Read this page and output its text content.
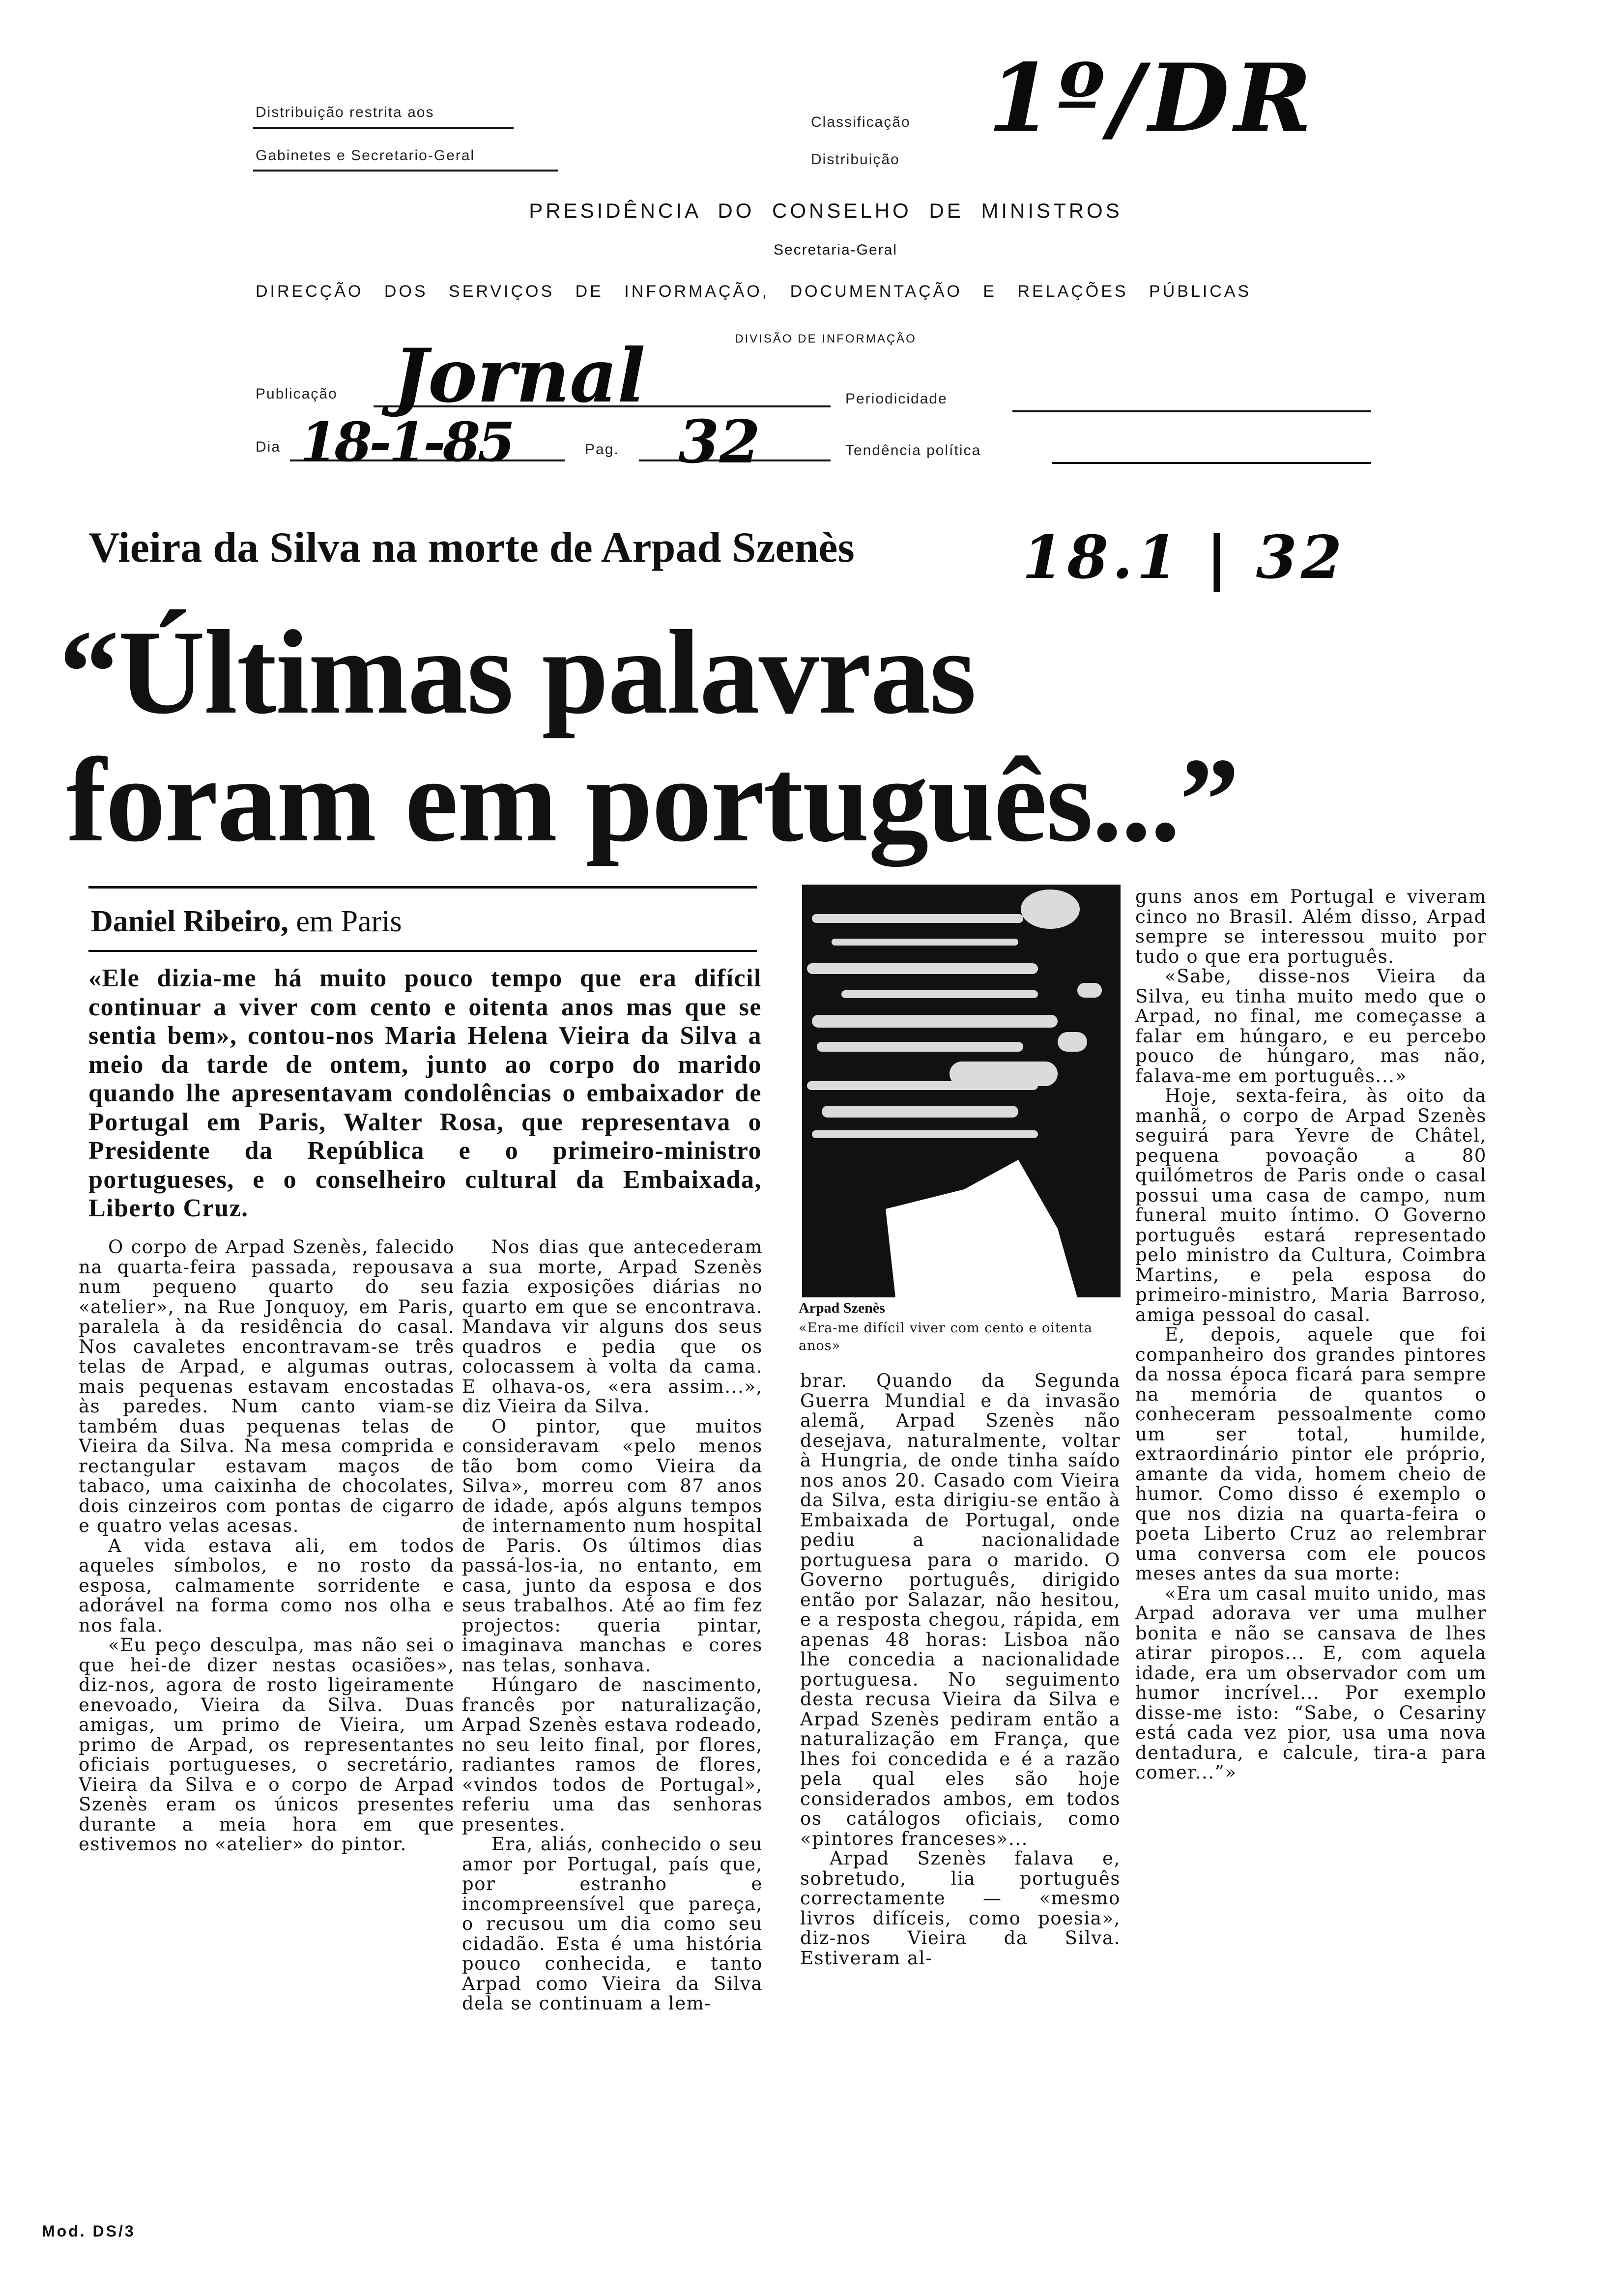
Distribuição restrita aos
Gabinetes e Secretario-Geral
Classificação
Distribuição
1º/DR
PRESIDÊNCIA DO CONSELHO DE MINISTROS
Secretaria-Geral
DIRECÇÃO DOS SERVIÇOS DE INFORMAÇÃO, DOCUMENTAÇÃO E RELAÇÕES PÚBLICAS
DIVISÃO DE INFORMAÇÃO
Publicação Jornal	Periodicidade
Dia 18-1-85	Pag. 32	Tendência política
Vieira da Silva na morte de Arpad Szenès	18.1 | 32
“Últimas palavras
foram em português...”
Daniel Ribeiro, em Paris

«Ele dizia-me há muito pouco tempo que era difícil continuar a viver com cento e oitenta anos mas que se sentia bem», contou-nos Maria Helena Vieira da Silva a meio da tarde de ontem, junto ao corpo do marido quando lhe apresentavam condolências o embaixador de Portugal em Paris, Walter Rosa, que representava o Presidente da República e o primeiro-ministro portugueses, e o conselheiro cultural da Embaixada, Liberto Cruz.

Arpad Szenès
«Era-me difícil viver com cento e oitenta anos»

O corpo de Arpad Szenès, falecido na quarta-feira passada, repousava num pequeno quarto do seu «atelier», na Rue Jonquoy, em Paris, paralela à da residência do casal. Nos cavaletes encontravam-se três telas de Arpad, e algumas outras, mais pequenas estavam encostadas às paredes. Num canto viam-se também duas pequenas telas de Vieira da Silva. Na mesa comprida e rectangular estavam maços de tabaco, uma caixinha de chocolates, dois cinzeiros com pontas de cigarro e quatro velas acesas.

A vida estava ali, em todos aqueles símbolos, e no rosto da esposa, calmamente sorridente e adorável na forma como nos olha e nos fala.

«Eu peço desculpa, mas não sei o que hei-de dizer nestas ocasiões», diz-nos, agora de rosto ligeiramente enevoado, Vieira da Silva. Duas amigas, um primo de Vieira, um primo de Arpad, os representantes oficiais portugueses, o secretário, Vieira da Silva e o corpo de Arpad Szenès eram os únicos presentes durante a meia hora em que estivemos no «atelier» do pintor.

Nos dias que antecederam a sua morte, Arpad Szenès fazia exposições diárias no quarto em que se encontrava. Mandava vir alguns dos seus quadros e pedia que os colocassem à volta da cama. E olhava-os, «era assim...», diz Vieira da Silva.

O pintor, que muitos consideravam «pelo menos tão bom como Vieira da Silva», morreu com 87 anos de idade, após alguns tempos de internamento num hospital de Paris. Os últimos dias passá-los-ia, no entanto, em casa, junto da esposa e dos seus trabalhos. Até ao fim fez projectos: queria pintar, imaginava manchas e cores nas telas, sonhava.

Húngaro de nascimento, francês por naturalização, Arpad Szenès estava rodeado, no seu leito final, por flores, radiantes ramos de flores, «vindos todos de Portugal», referiu uma das senhoras presentes.

Era, aliás, conhecido o seu amor por Portugal, país que, por estranho e incompreensível que pareça, o recusou um dia como seu cidadão. Esta é uma história pouco conhecida, e tanto Arpad como Vieira da Silva dela se continuam a lem-

brar. Quando da Segunda Guerra Mundial e da invasão alemã, Arpad Szenès não desejava, naturalmente, voltar à Hungria, de onde tinha saído nos anos 20. Casado com Vieira da Silva, esta dirigiu-se então à Embaixada de Portugal, onde pediu a nacionalidade portuguesa para o marido. O Governo português, dirigido então por Salazar, não hesitou, e a resposta chegou, rápida, em apenas 48 horas: Lisboa não lhe concedia a nacionalidade portuguesa. No seguimento desta recusa Vieira da Silva e Arpad Szenès pediram então a naturalização em França, que lhes foi concedida e é a razão pela qual eles são hoje considerados ambos, em todos os catálogos oficiais, como «pintores franceses»...

Arpad Szenès falava e, sobretudo, lia português correctamente — «mesmo livros difíceis, como poesia», diz-nos Vieira da Silva. Estiveram al-

guns anos em Portugal e viveram cinco no Brasil. Além disso, Arpad sempre se interessou muito por tudo o que era português.

«Sabe, disse-nos Vieira da Silva, eu tinha muito medo que o Arpad, no final, me começasse a falar em húngaro, e eu percebo pouco de húngaro, mas não, falava-me em português...»

Hoje, sexta-feira, às oito da manhã, o corpo de Arpad Szenès seguirá para Yevre de Châtel, pequena povoação a 80 quilómetros de Paris onde o casal possui uma casa de campo, num funeral muito íntimo. O Governo português estará representado pelo ministro da Cultura, Coimbra Martins, e pela esposa do primeiro-ministro, Maria Barroso, amiga pessoal do casal.

E, depois, aquele que foi companheiro dos grandes pintores da nossa época ficará para sempre na memória de quantos o conheceram pessoalmente como um ser total, humilde, extraordinário pintor ele próprio, amante da vida, homem cheio de humor. Como disso é exemplo o que nos dizia na quarta-feira o poeta Liberto Cruz ao relembrar uma conversa com ele poucos meses antes da sua morte:

«Era um casal muito unido, mas Arpad adorava ver uma mulher bonita e não se cansava de lhes atirar piropos... E, com aquela idade, era um observador com um humor incrível... Por exemplo disse-me isto: “Sabe, o Cesariny está cada vez pior, usa uma nova dentadura, e calcule, tira-a para comer...”»

Mod. DS/3
